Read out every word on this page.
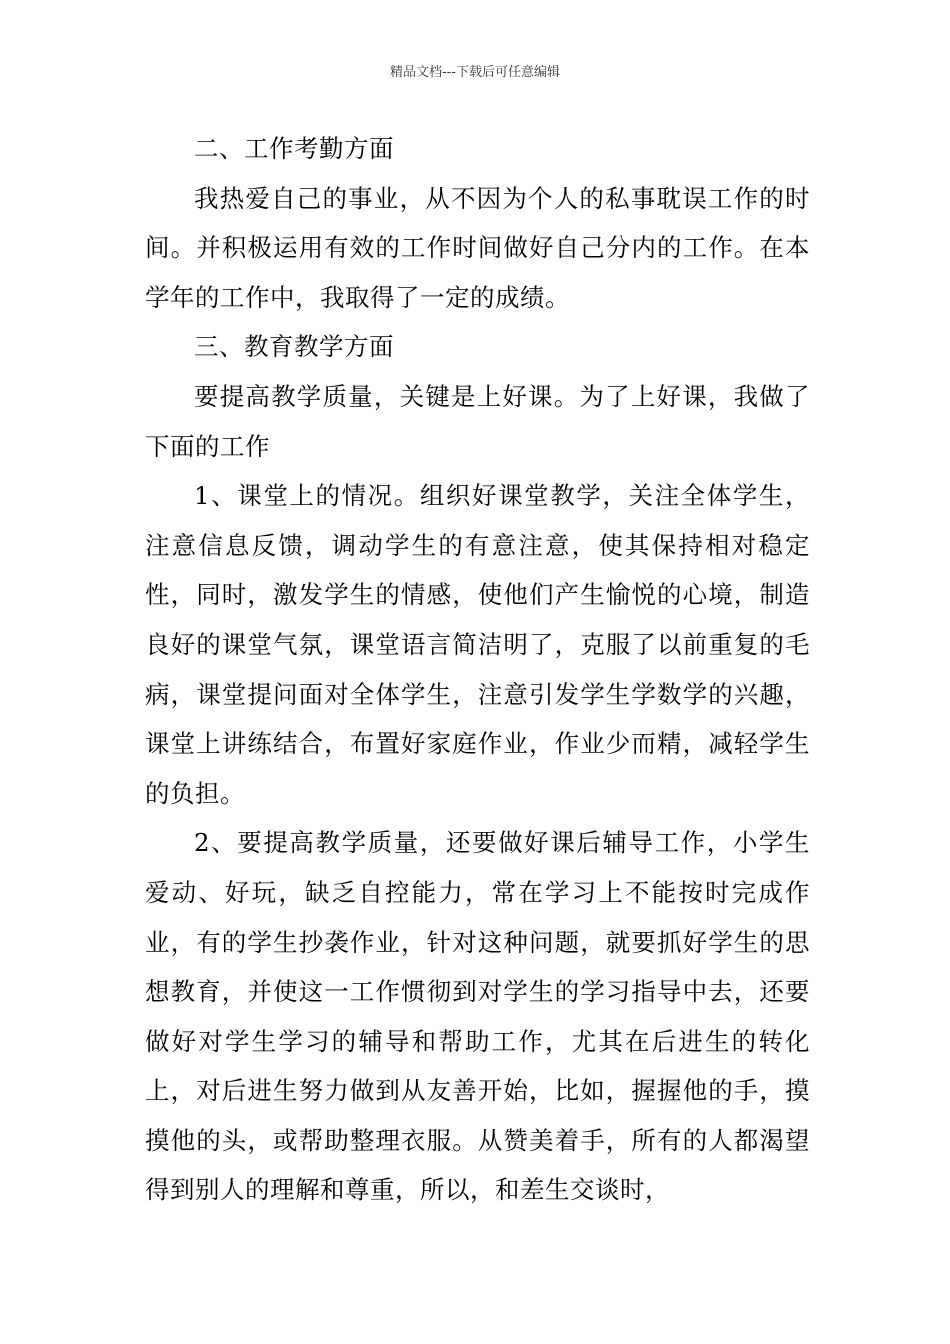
精品文档---下载后可任意编辑

二、工作考勤方面

我热爱自己的事业，从不因为个人的私事耽误工作的时间。并积极运用有效的工作时间做好自己分内的工作。在本学年的工作中，我取得了一定的成绩。

三、教育教学方面

要提高教学质量，关键是上好课。为了上好课，我做了下面的工作

1、课堂上的情况。组织好课堂教学，关注全体学生，注意信息反馈，调动学生的有意注意，使其保持相对稳定性，同时，激发学生的情感，使他们产生愉悦的心境，制造良好的课堂气氛，课堂语言简洁明了，克服了以前重复的毛病，课堂提问面对全体学生，注意引发学生学数学的兴趣，课堂上讲练结合，布置好家庭作业，作业少而精，减轻学生的负担。

2、要提高教学质量，还要做好课后辅导工作，小学生爱动、好玩，缺乏自控能力，常在学习上不能按时完成作业，有的学生抄袭作业，针对这种问题，就要抓好学生的思想教育，并使这一工作惯彻到对学生的学习指导中去，还要做好对学生学习的辅导和帮助工作，尤其在后进生的转化上，对后进生努力做到从友善开始，比如，握握他的手，摸摸他的头，或帮助整理衣服。从赞美着手，所有的人都渴望得到别人的理解和尊重，所以，和差生交谈时，
